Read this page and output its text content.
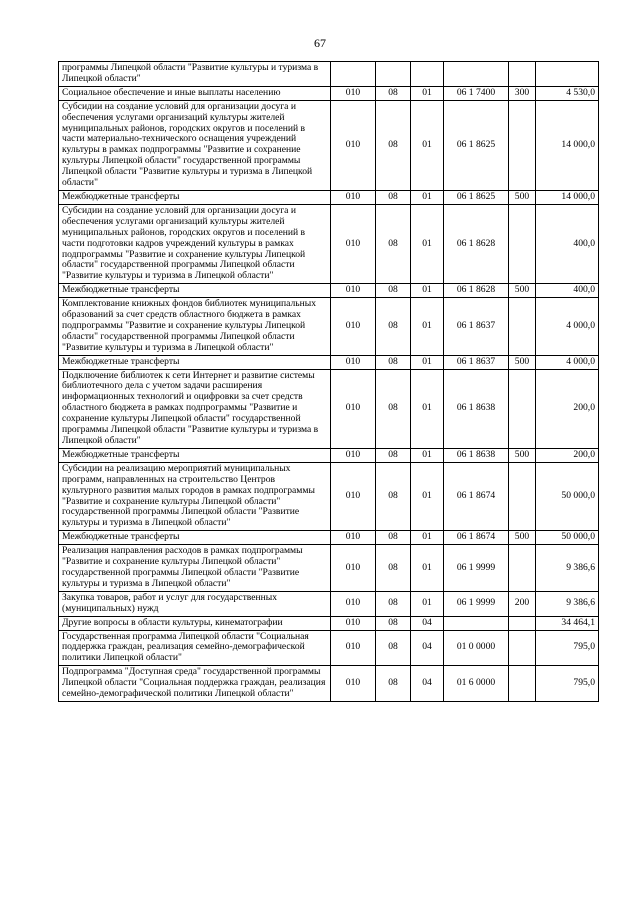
67
программы Липецкой области "Развитие культуры и туризма в Липецкой области"						
Социальное обеспечение и иные выплаты населению	010	08	01	06 1 7400	300	4 530,0
Субсидии на создание условий для организации досуга и обеспечения услугами организаций культуры жителей муниципальных районов, городских округов и поселений в части материально-технического оснащения учреждений культуры в рамках подпрограммы "Развитие и сохранение культуры Липецкой области" государственной программы Липецкой области "Развитие культуры и туризма в Липецкой области"	010	08	01	06 1 8625		14 000,0
Межбюджетные трансферты	010	08	01	06 1 8625	500	14 000,0
Субсидии на создание условий для организации досуга и обеспечения услугами организаций культуры жителей муниципальных районов, городских округов и поселений в части подготовки кадров учреждений культуры в рамках подпрограммы "Развитие и сохранение культуры Липецкой области" государственной программы Липецкой области "Развитие культуры и туризма в Липецкой области"	010	08	01	06 1 8628		400,0
Межбюджетные трансферты	010	08	01	06 1 8628	500	400,0
Комплектование книжных фондов библиотек муниципальных образований за счет средств областного бюджета в рамках подпрограммы "Развитие и сохранение культуры Липецкой области" государственной программы Липецкой области "Развитие культуры и туризма в Липецкой области"	010	08	01	06 1 8637		4 000,0
Межбюджетные трансферты	010	08	01	06 1 8637	500	4 000,0
Подключение библиотек к сети Интернет и развитие системы библиотечного дела с учетом задачи расширения информационных технологий и оцифровки за счет средств областного бюджета в рамках подпрограммы "Развитие и сохранение культуры Липецкой области" государственной программы Липецкой области "Развитие культуры и туризма в Липецкой области"	010	08	01	06 1 8638		200,0
Межбюджетные трансферты	010	08	01	06 1 8638	500	200,0
Субсидии на реализацию мероприятий муниципальных программ, направленных на строительство Центров культурного развития малых городов в рамках подпрограммы "Развитие и сохранение культуры Липецкой области" государственной программы Липецкой области "Развитие культуры и туризма в Липецкой области"	010	08	01	06 1 8674		50 000,0
Межбюджетные трансферты	010	08	01	06 1 8674	500	50 000,0
Реализация направления расходов в рамках подпрограммы "Развитие и сохранение культуры Липецкой области" государственной программы Липецкой области "Развитие культуры и туризма в Липецкой области"	010	08	01	06 1 9999		9 386,6
Закупка товаров, работ и услуг для государственных (муниципальных) нужд	010	08	01	06 1 9999	200	9 386,6
Другие вопросы в области культуры, кинематографии	010	08	04			34 464,1
Государственная программа Липецкой области "Социальная поддержка граждан, реализация семейно-демографической политики Липецкой области"	010	08	04	01 0 0000		795,0
Подпрограмма "Доступная среда" государственной программы Липецкой области "Социальная поддержка граждан, реализация семейно-демографической политики Липецкой области"	010	08	04	01 6 0000		795,0
